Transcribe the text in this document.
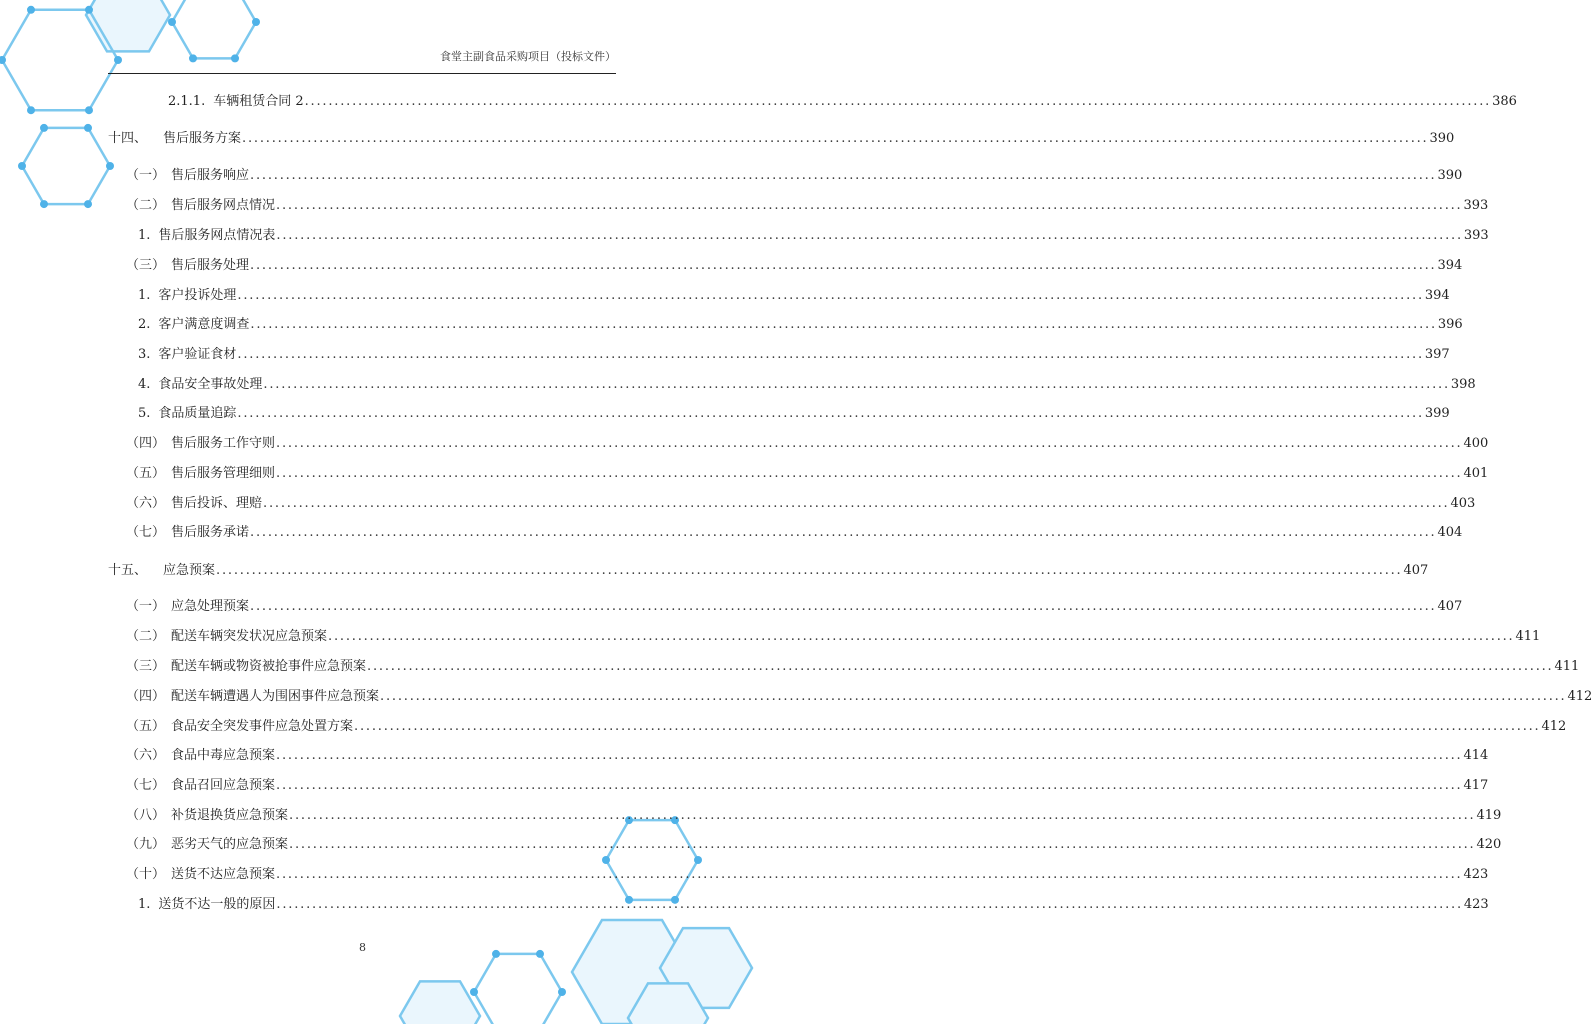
食堂主副食品采购项目（投标文件）
2.1.1. 车辆租赁合同 2 ........................................................................................................................................................................................................ 386
十四、 售后服务方案 ........................................................................................................................................................................................................ 390
（一） 售后服务响应 ........................................................................................................................................................................................................ 390
（二） 售后服务网点情况 ........................................................................................................................................................................................................ 393
1. 售后服务网点情况表 ........................................................................................................................................................................................................ 393
（三） 售后服务处理 ........................................................................................................................................................................................................ 394
1. 客户投诉处理 ........................................................................................................................................................................................................ 394
2. 客户满意度调查 ........................................................................................................................................................................................................ 396
3. 客户验证食材 ........................................................................................................................................................................................................ 397
4. 食品安全事故处理 ........................................................................................................................................................................................................ 398
5. 食品质量追踪 ........................................................................................................................................................................................................ 399
（四） 售后服务工作守则 ........................................................................................................................................................................................................ 400
（五） 售后服务管理细则 ........................................................................................................................................................................................................ 401
（六） 售后投诉、理赔 ........................................................................................................................................................................................................ 403
（七） 售后服务承诺 ........................................................................................................................................................................................................ 404
十五、 应急预案 ........................................................................................................................................................................................................ 407
（一） 应急处理预案 ........................................................................................................................................................................................................ 407
（二） 配送车辆突发状况应急预案 ........................................................................................................................................................................................................ 411
（三） 配送车辆或物资被抢事件应急预案 ........................................................................................................................................................................................................ 411
（四） 配送车辆遭遇人为围困事件应急预案 ........................................................................................................................................................................................................ 412
（五） 食品安全突发事件应急处置方案 ........................................................................................................................................................................................................ 412
（六） 食品中毒应急预案 ........................................................................................................................................................................................................ 414
（七） 食品召回应急预案 ........................................................................................................................................................................................................ 417
（八） 补货退换货应急预案 ........................................................................................................................................................................................................ 419
（九） 恶劣天气的应急预案 ........................................................................................................................................................................................................ 420
（十） 送货不达应急预案 ........................................................................................................................................................................................................ 423
1. 送货不达一般的原因 ........................................................................................................................................................................................................ 423
8
